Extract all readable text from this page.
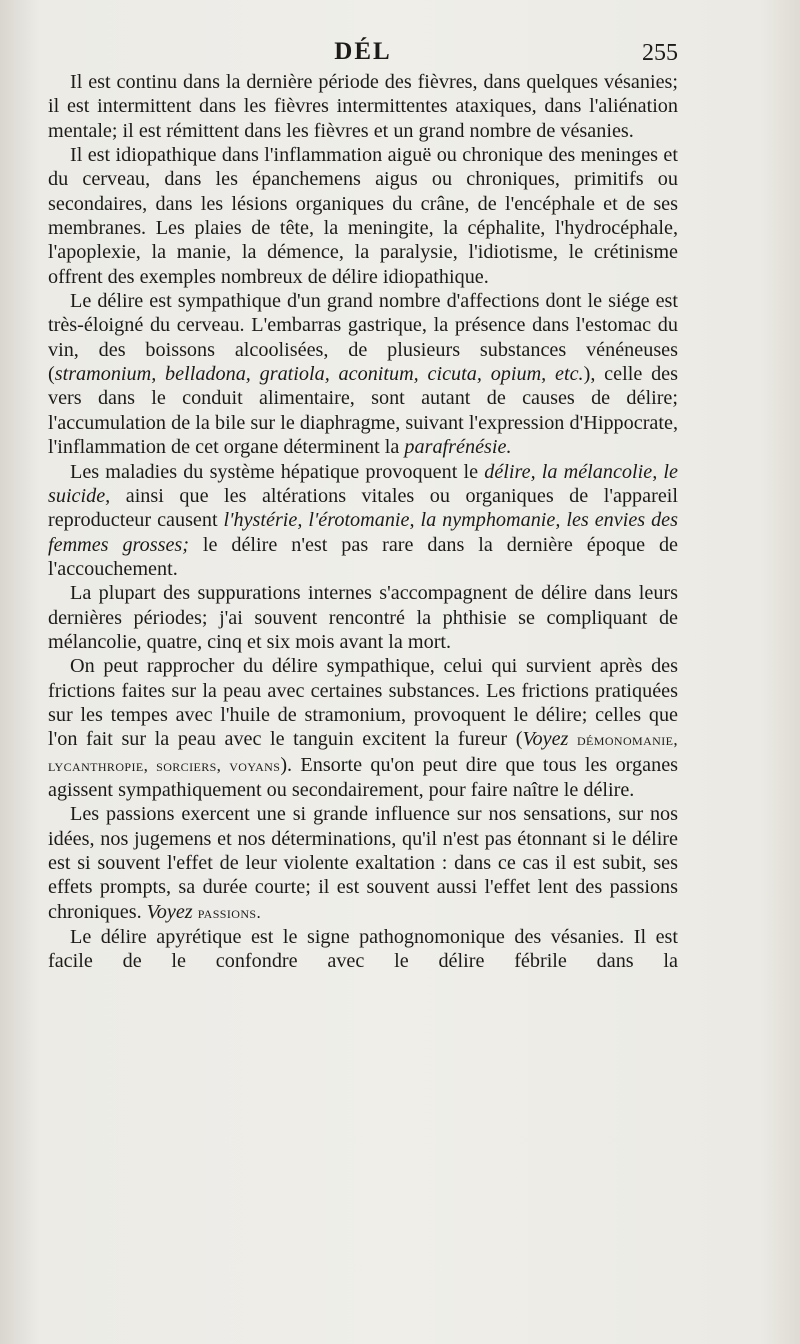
DÉL	255

Il est continu dans la dernière période des fièvres, dans quelques vésanies; il est intermittent dans les fièvres intermittentes ataxiques, dans l'aliénation mentale; il est rémittent dans les fièvres et un grand nombre de vésanies.

Il est idiopathique dans l'inflammation aiguë ou chronique des meninges et du cerveau, dans les épanchemens aigus ou chroniques, primitifs ou secondaires, dans les lésions organiques du crâne, de l'encéphale et de ses membranes. Les plaies de tête, la meningite, la céphalite, l'hydrocéphale, l'apoplexie, la manie, la démence, la paralysie, l'idiotisme, le crétinisme offrent des exemples nombreux de délire idiopathique.

Le délire est sympathique d'un grand nombre d'affections dont le siége est très-éloigné du cerveau. L'embarras gastrique, la présence dans l'estomac du vin, des boissons alcoolisées, de plusieurs substances vénéneuses (stramonium, belladona, gratiola, aconitum, cicuta, opium, etc.), celle des vers dans le conduit alimentaire, sont autant de causes de délire; l'accumulation de la bile sur le diaphragme, suivant l'expression d'Hippocrate, l'inflammation de cet organe déterminent la parafrénésie.

Les maladies du système hépatique provoquent le délire, la mélancolie, le suicide, ainsi que les altérations vitales ou organiques de l'appareil reproducteur causent l'hystérie, l'érotomanie, la nymphomanie, les envies des femmes grosses; le délire n'est pas rare dans la dernière époque de l'accouchement.

La plupart des suppurations internes s'accompagnent de délire dans leurs dernières périodes; j'ai souvent rencontré la phthisie se compliquant de mélancolie, quatre, cinq et six mois avant la mort.

On peut rapprocher du délire sympathique, celui qui survient après des frictions faites sur la peau avec certaines substances. Les frictions pratiquées sur les tempes avec l'huile de stramonium, provoquent le délire; celles que l'on fait sur la peau avec le tanguin excitent la fureur (Voyez démonomanie, lycanthropie, sorciers, voyans). Ensorte qu'on peut dire que tous les organes agissent sympathiquement ou secondairement, pour faire naître le délire.

Les passions exercent une si grande influence sur nos sensations, sur nos idées, nos jugemens et nos déterminations, qu'il n'est pas étonnant si le délire est si souvent l'effet de leur violente exaltation : dans ce cas il est subit, ses effets prompts, sa durée courte; il est souvent aussi l'effet lent des passions chroniques. Voyez passions.

Le délire apyrétique est le signe pathognomonique des vésanies. Il est facile de le confondre avec le délire fébrile dans la
